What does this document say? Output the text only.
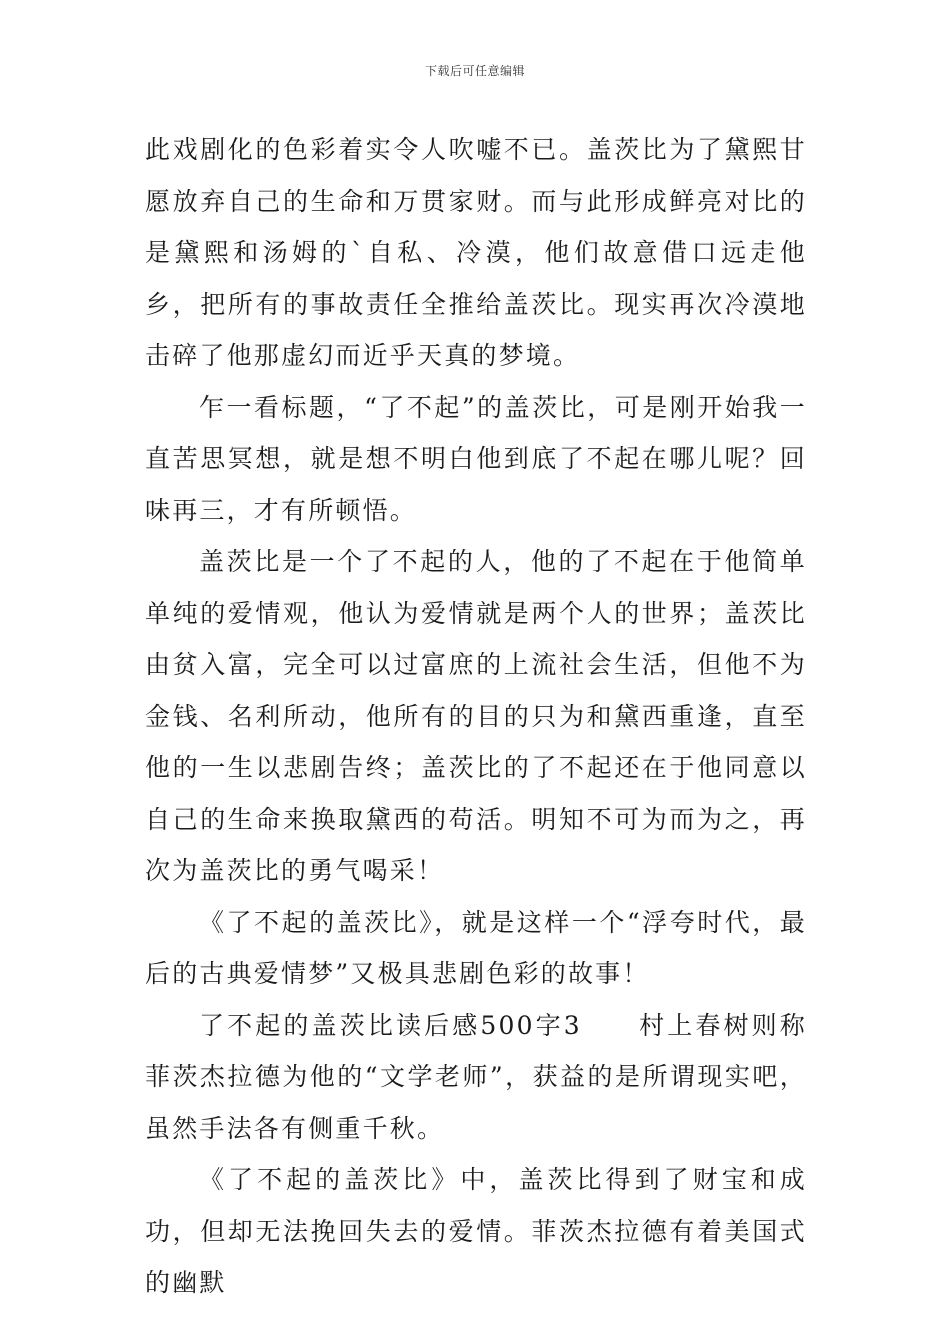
下载后可任意编辑

此戏剧化的色彩着实令人吹嘘不已。盖茨比为了黛熙甘愿放弃自己的生命和万贯家财。而与此形成鲜亮对比的是黛熙和汤姆的`自私、冷漠，他们故意借口远走他乡，把所有的事故责任全推给盖茨比。现实再次冷漠地击碎了他那虚幻而近乎天真的梦境。

乍一看标题，“了不起”的盖茨比，可是刚开始我一直苦思冥想，就是想不明白他到底了不起在哪儿呢？回味再三，才有所顿悟。

盖茨比是一个了不起的人，他的了不起在于他简单单纯的爱情观，他认为爱情就是两个人的世界；盖茨比由贫入富，完全可以过富庶的上流社会生活，但他不为金钱、名利所动，他所有的目的只为和黛西重逢，直至他的一生以悲剧告终；盖茨比的了不起还在于他同意以自己的生命来换取黛西的苟活。明知不可为而为之，再次为盖茨比的勇气喝采！

《了不起的盖茨比》，就是这样一个“浮夸时代，最后的古典爱情梦”又极具悲剧色彩的故事！

了不起的盖茨比读后感500字3　　村上春树则称菲茨杰拉德为他的“文学老师”，获益的是所谓现实吧，虽然手法各有侧重千秋。

《了不起的盖茨比》中，盖茨比得到了财宝和成功，但却无法挽回失去的爱情。菲茨杰拉德有着美国式的幽默
